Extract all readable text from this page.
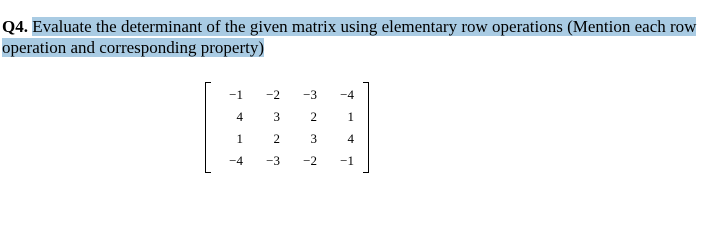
Q4. Evaluate the determinant of the given matrix using elementary row operations (Mention each row
operation and corresponding property)
−1	−2	−3	−4
4	3	2	1
1	2	3	4
−4	−3	−2	−1
